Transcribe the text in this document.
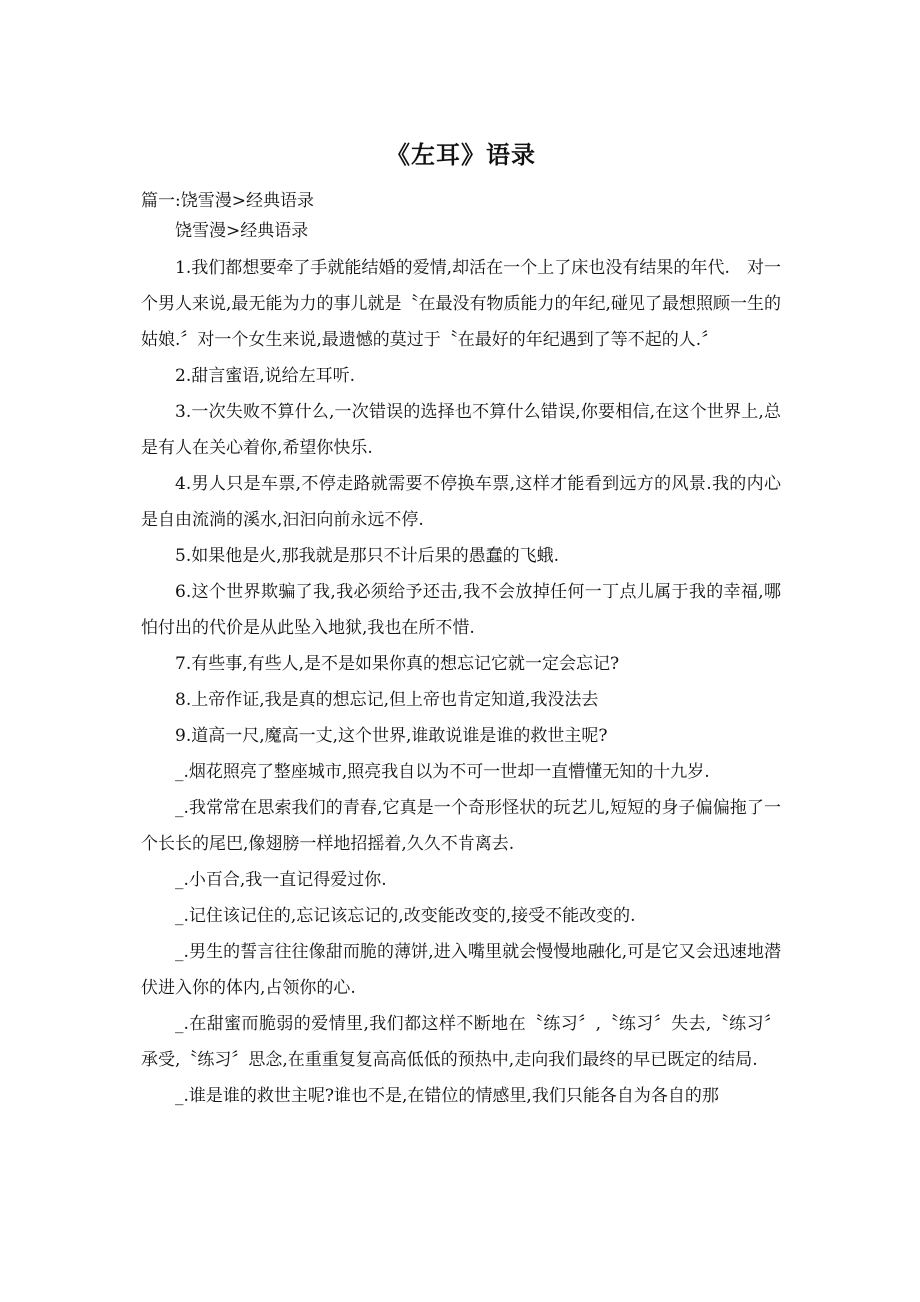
《左耳》语录

篇一:饶雪漫>经典语录

饶雪漫>经典语录

1.我们都想要牵了手就能结婚的爱情,却活在一个上了床也没有结果的年代.　对一个男人来说,最无能为力的事儿就是〝在最没有物质能力的年纪,碰见了最想照顾一生的姑娘.〞对一个女生来说,最遗憾的莫过于〝在最好的年纪遇到了等不起的人.〞

2.甜言蜜语,说给左耳听.

3.一次失败不算什么,一次错误的选择也不算什么错误,你要相信,在这个世界上,总是有人在关心着你,希望你快乐.

4.男人只是车票,不停走路就需要不停换车票,这样才能看到远方的风景.我的内心是自由流淌的溪水,汩汩向前永远不停.

5.如果他是火,那我就是那只不计后果的愚蠢的飞蛾.

6.这个世界欺骗了我,我必须给予还击,我不会放掉任何一丁点儿属于我的幸福,哪怕付出的代价是从此坠入地狱,我也在所不惜.

7.有些事,有些人,是不是如果你真的想忘记它就一定会忘记?

8.上帝作证,我是真的想忘记,但上帝也肯定知道,我没法去

9.道高一尺,魔高一丈,这个世界,谁敢说谁是谁的救世主呢?

_.烟花照亮了整座城市,照亮我自以为不可一世却一直懵懂无知的十九岁.

_.我常常在思索我们的青春,它真是一个奇形怪状的玩艺儿,短短的身子偏偏拖了一个长长的尾巴,像翅膀一样地招摇着,久久不肯离去.

_.小百合,我一直记得爱过你.

_.记住该记住的,忘记该忘记的,改变能改变的,接受不能改变的.

_.男生的誓言往往像甜而脆的薄饼,进入嘴里就会慢慢地融化,可是它又会迅速地潜伏进入你的体内,占领你的心.

_.在甜蜜而脆弱的爱情里,我们都这样不断地在〝练习〞,〝练习〞失去,〝练习〞承受,〝练习〞思念,在重重复复高高低低的预热中,走向我们最终的早已既定的结局.

_.谁是谁的救世主呢?谁也不是,在错位的情感里,我们只能各自为各自的那
